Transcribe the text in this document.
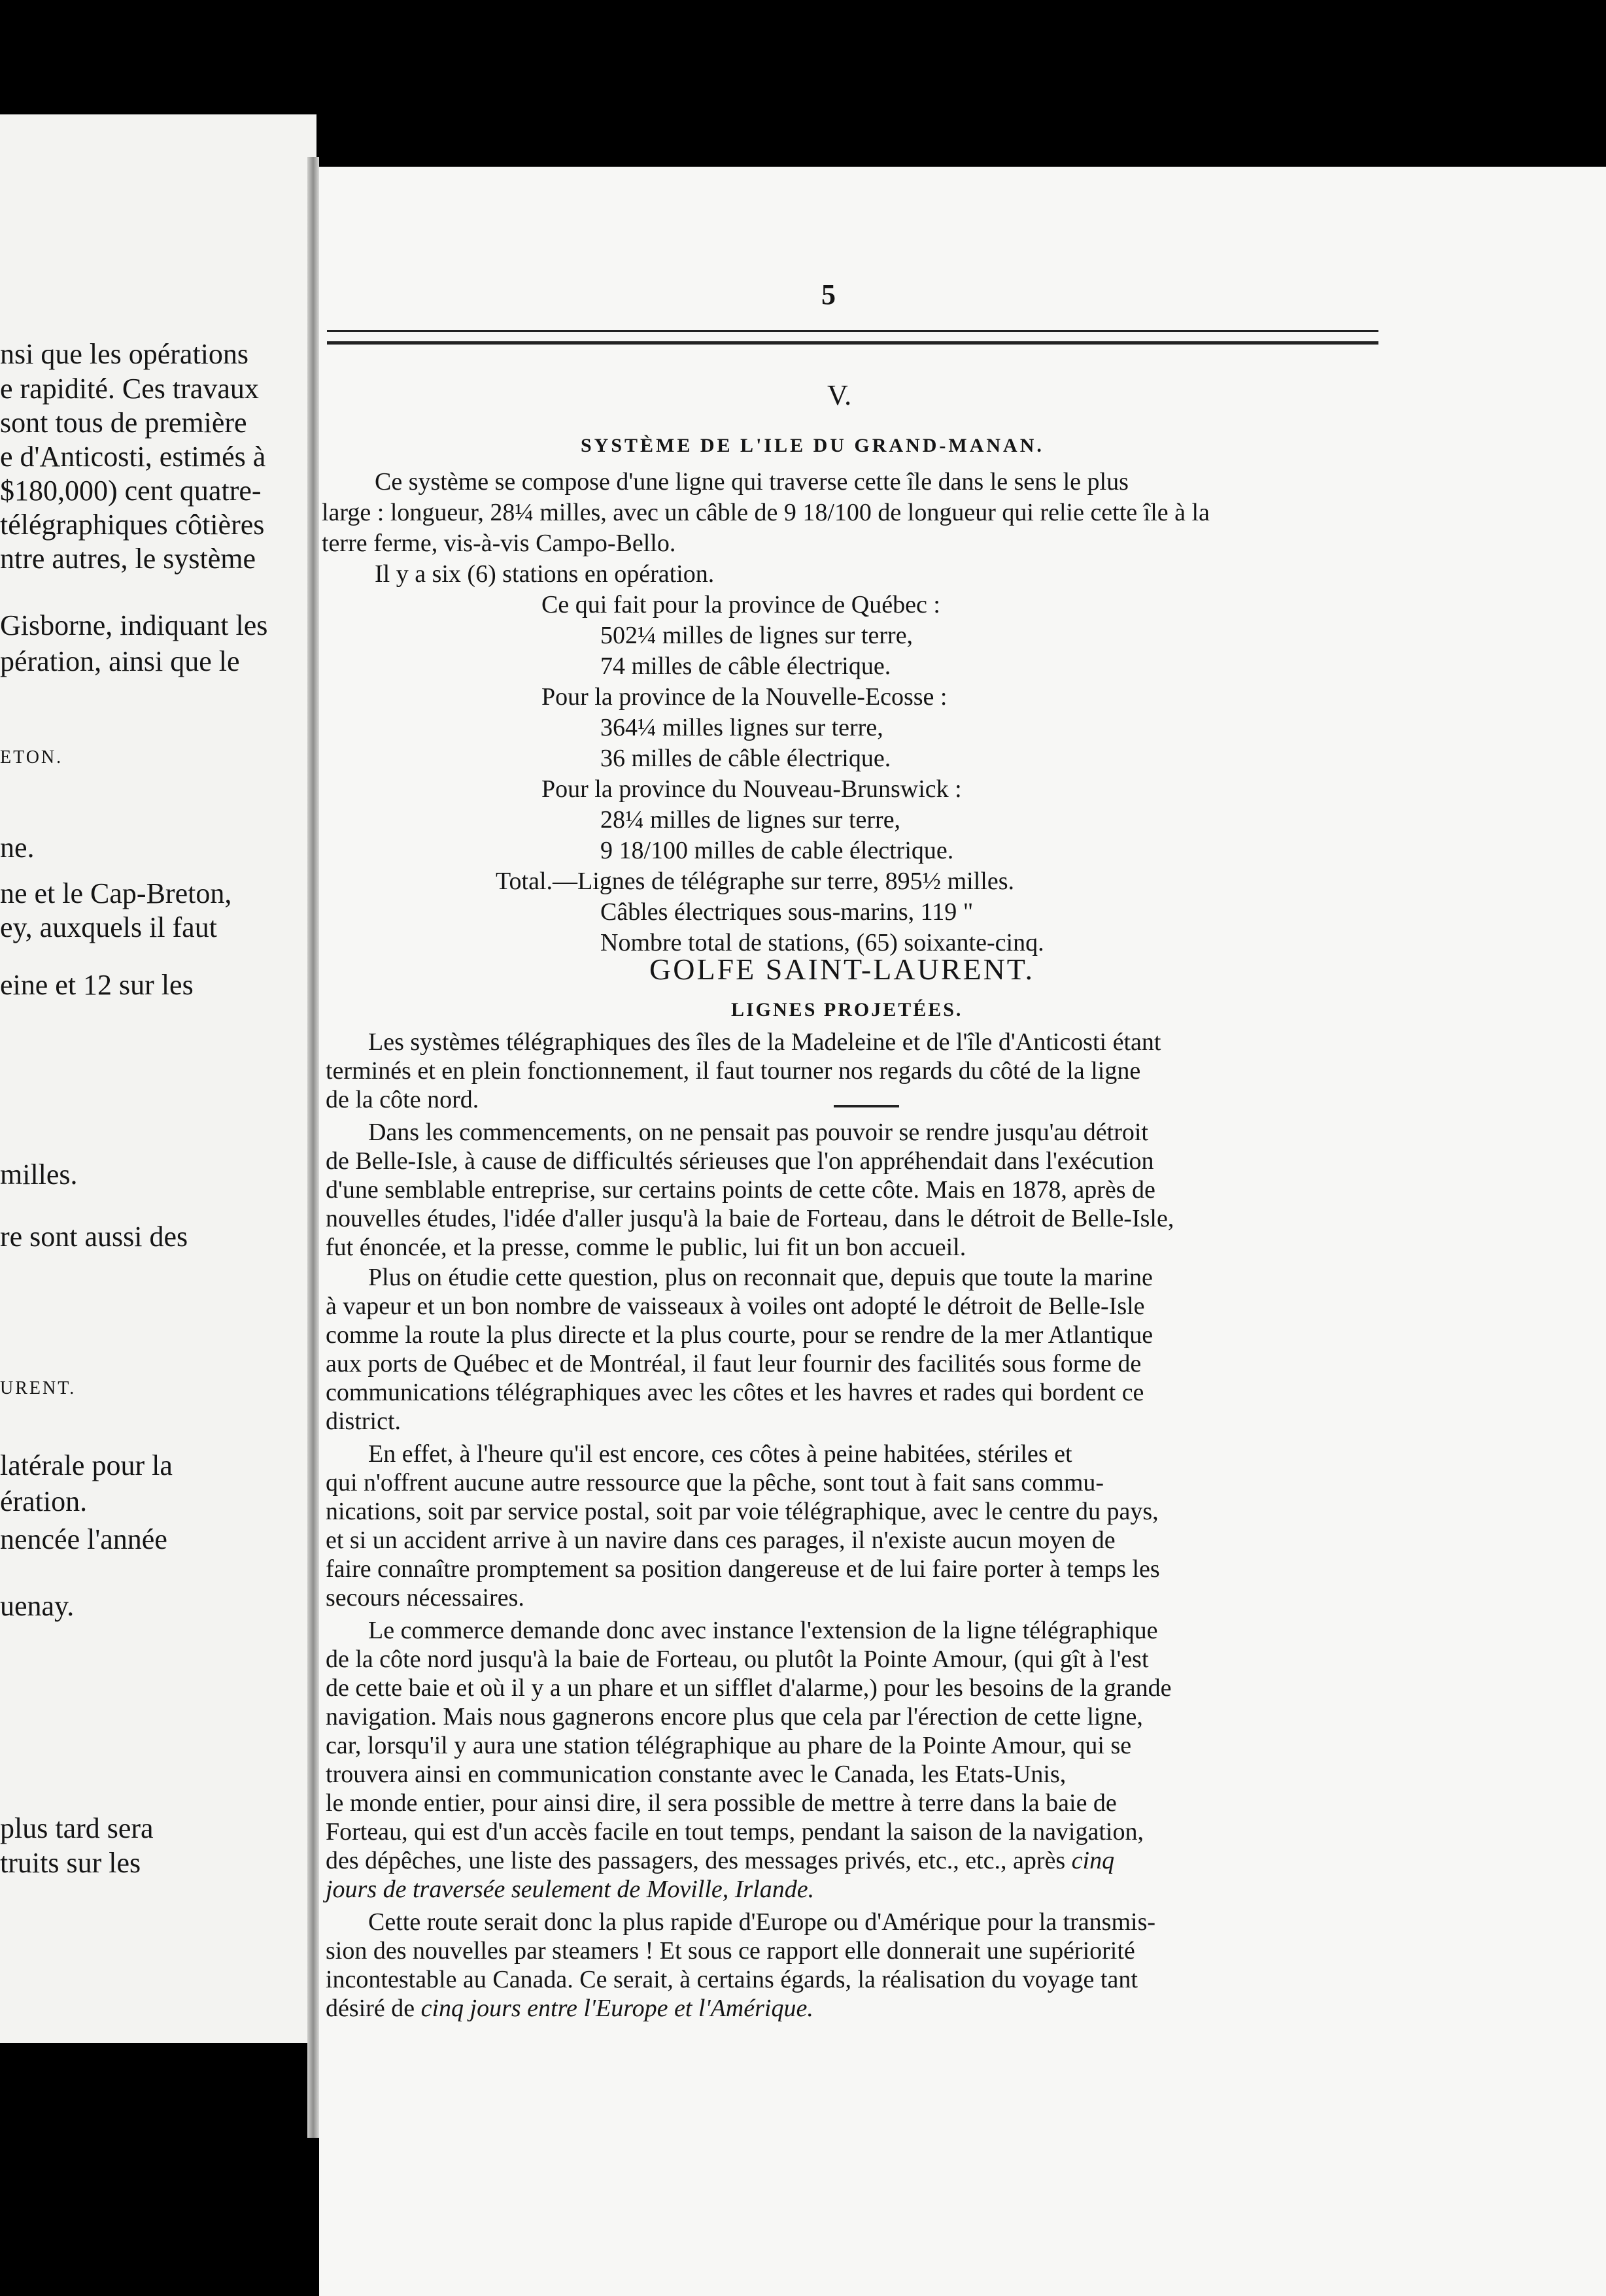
nsi que les opérations
e rapidité. Ces travaux
sont tous de première
e d'Anticosti, estimés à
$180,000) cent quatre-
télégraphiques côtières
ntre autres, le système
Gisborne, indiquant les
pération, ainsi que le
ETON.
ne.
ne et le Cap-Breton,
ey, auxquels il faut
eine et 12 sur les
milles.
re sont aussi des
URENT.
latérale pour la
ération.
nencée l'année
uenay.
plus tard sera
truits sur les
5
V.
SYSTÈME DE L'ILE DU GRAND-MANAN.
Ce système se compose d'une ligne qui traverse cette île dans le sens le plus
large : longueur, 28¼ milles, avec un câble de 9 18/100 de longueur qui relie cette île à la
terre ferme, vis-à-vis Campo-Bello.
Il y a six (6) stations en opération.
Ce qui fait pour la province de Québec :
502¼ milles de lignes sur terre,
74 milles de câble électrique.
Pour la province de la Nouvelle-Ecosse :
364¼ milles lignes sur terre,
36 milles de câble électrique.
Pour la province du Nouveau-Brunswick :
28¼ milles de lignes sur terre,
9 18/100 milles de cable électrique.
Total.—Lignes de télégraphe sur terre, 895½ milles.
Câbles électriques sous-marins, 119 "
Nombre total de stations, (65) soixante-cinq.
GOLFE SAINT-LAURENT.
LIGNES PROJETÉES.
Les systèmes télégraphiques des îles de la Madeleine et de l'île d'Anticosti étant
terminés et en plein fonctionnement, il faut tourner nos regards du côté de la ligne
de la côte nord.
Dans les commencements, on ne pensait pas pouvoir se rendre jusqu'au détroit
de Belle-Isle, à cause de difficultés sérieuses que l'on appréhendait dans l'exécution
d'une semblable entreprise, sur certains points de cette côte. Mais en 1878, après de
nouvelles études, l'idée d'aller jusqu'à la baie de Forteau, dans le détroit de Belle-Isle,
fut énoncée, et la presse, comme le public, lui fit un bon accueil.
Plus on étudie cette question, plus on reconnait que, depuis que toute la marine
à vapeur et un bon nombre de vaisseaux à voiles ont adopté le détroit de Belle-Isle
comme la route la plus directe et la plus courte, pour se rendre de la mer Atlantique
aux ports de Québec et de Montréal, il faut leur fournir des facilités sous forme de
communications télégraphiques avec les côtes et les havres et rades qui bordent ce
district.
En effet, à l'heure qu'il est encore, ces côtes à peine habitées, stériles et
qui n'offrent aucune autre ressource que la pêche, sont tout à fait sans commu-
nications, soit par service postal, soit par voie télégraphique, avec le centre du pays,
et si un accident arrive à un navire dans ces parages, il n'existe aucun moyen de
faire connaître promptement sa position dangereuse et de lui faire porter à temps les
secours nécessaires.
Le commerce demande donc avec instance l'extension de la ligne télégraphique
de la côte nord jusqu'à la baie de Forteau, ou plutôt la Pointe Amour, (qui gît à l'est
de cette baie et où il y a un phare et un sifflet d'alarme,) pour les besoins de la grande
navigation. Mais nous gagnerons encore plus que cela par l'érection de cette ligne,
car, lorsqu'il y aura une station télégraphique au phare de la Pointe Amour, qui se
trouvera ainsi en communication constante avec le Canada, les Etats-Unis,
le monde entier, pour ainsi dire, il sera possible de mettre à terre dans la baie de
Forteau, qui est d'un accès facile en tout temps, pendant la saison de la navigation,
des dépêches, une liste des passagers, des messages privés, etc., etc., après cinq
jours de traversée seulement de Moville, Irlande.
Cette route serait donc la plus rapide d'Europe ou d'Amérique pour la transmis-
sion des nouvelles par steamers ! Et sous ce rapport elle donnerait une supériorité
incontestable au Canada. Ce serait, à certains égards, la réalisation du voyage tant
désiré de cinq jours entre l'Europe et l'Amérique.
